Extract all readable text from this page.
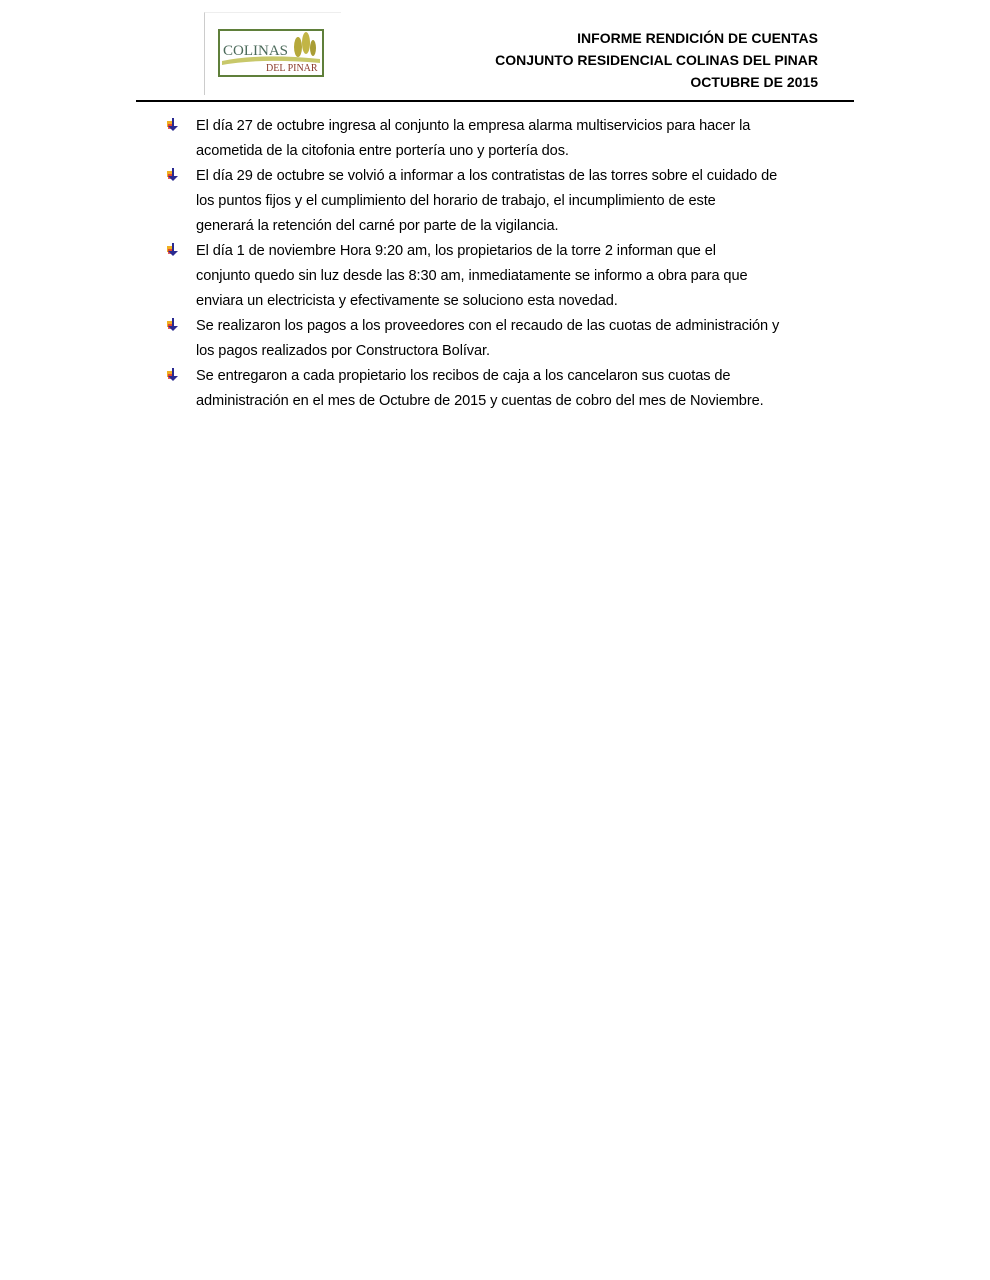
COLINAS
DEL PINAR
INFORME RENDICIÓN DE CUENTAS
CONJUNTO RESIDENCIAL COLINAS DEL PINAR
OCTUBRE DE 2015
El día 27 de octubre ingresa al conjunto la empresa alarma multiservicios para hacer la
acometida de la citofonia entre portería uno y portería dos.
El día 29 de octubre se volvió a informar a los contratistas de las torres sobre el cuidado de
los puntos fijos y el cumplimiento del horario de trabajo, el incumplimiento de este
generará la retención del carné por parte de la vigilancia.
El día 1 de noviembre Hora 9:20 am, los propietarios de la torre 2 informan que el
conjunto quedo sin luz desde las 8:30 am, inmediatamente se informo a obra para que
enviara un electricista y efectivamente se soluciono esta novedad.
Se realizaron los pagos a los proveedores con el recaudo de las cuotas de administración y
los pagos realizados por Constructora Bolívar.
Se entregaron a cada propietario los recibos de caja a los cancelaron sus cuotas de
administración en el mes de Octubre de 2015 y cuentas de cobro del mes de Noviembre.
